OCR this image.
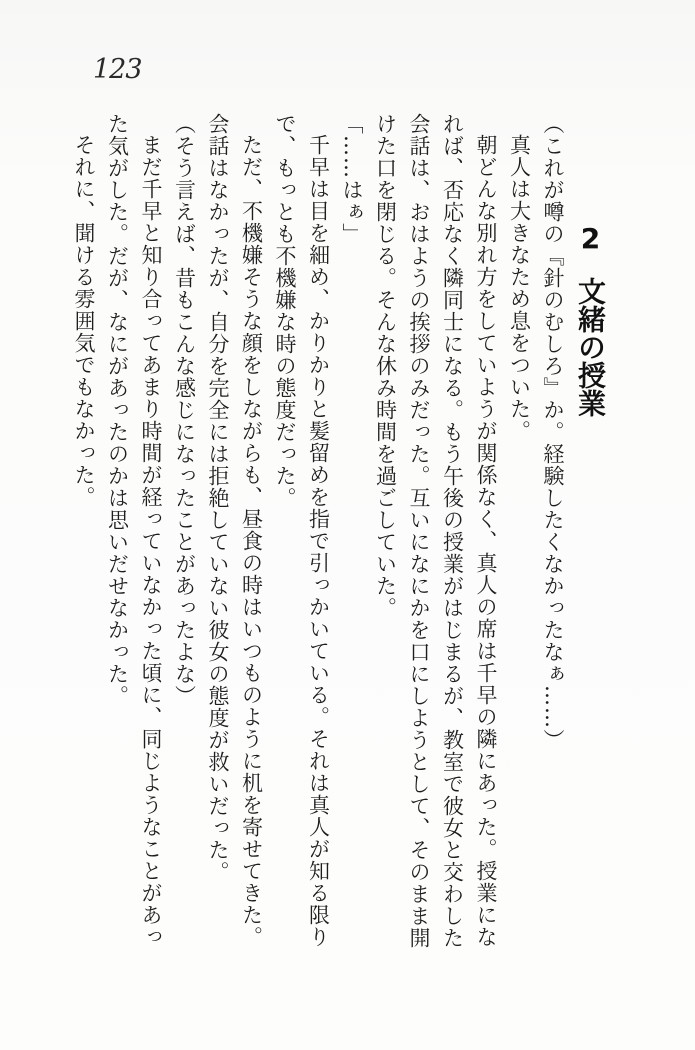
123
2文緒の授業

（これが噂の『針のむしろ』か。経験したくなかったなぁ……）

真人は大きなため息をついた。

朝どんな別れ方をしていようが関係なく、真人の席は千早の隣にあった。授業になれば、否応なく隣同士になる。もう午後の授業がはじまるが、教室で彼女と交わした会話は、おはようの挨拶のみだった。互いになにかを口にしようとして、そのまま開けた口を閉じる。そんな休み時間を過ごしていた。

「……はぁ」

千早は目を細め、かりかりと髪留めを指で引っかいている。それは真人が知る限りで、もっとも不機嫌な時の態度だった。

ただ、不機嫌そうな顔をしながらも、昼食の時はいつものように机を寄せてきた。会話はなかったが、自分を完全には拒絶していない彼女の態度が救いだった。

（そう言えば、昔もこんな感じになったことがあったよな）

まだ千早と知り合ってあまり時間が経っていなかった頃に、同じようなことがあった気がした。だが、なにがあったのかは思いだせなかった。

それに、聞ける雰囲気でもなかった。
